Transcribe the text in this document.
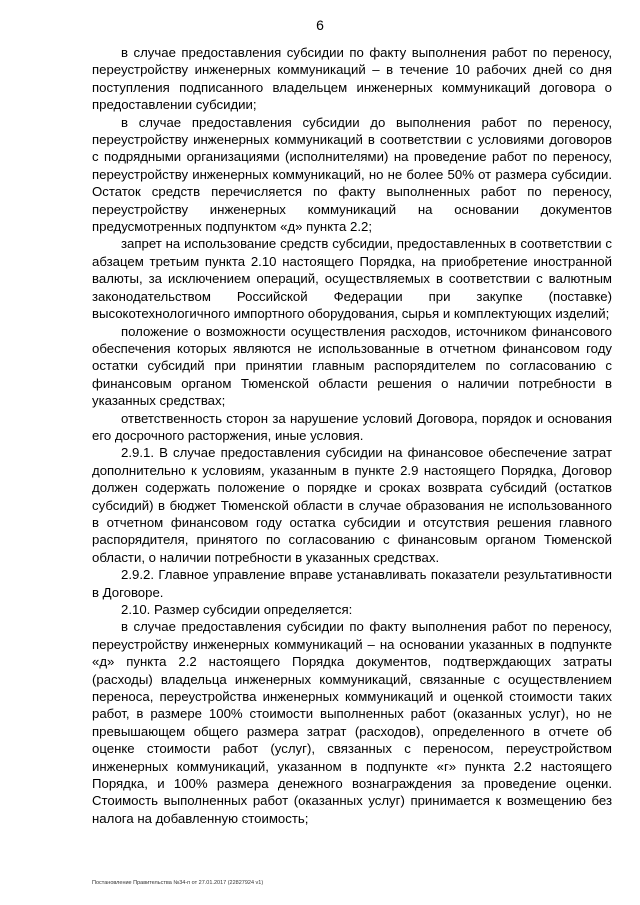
6

в случае предоставления субсидии по факту выполнения работ по переносу, переустройству инженерных коммуникаций – в течение 10 рабочих дней со дня поступления подписанного владельцем инженерных коммуникаций договора о предоставлении субсидии;

в случае предоставления субсидии до выполнения работ по переносу, переустройству инженерных коммуникаций в соответствии с условиями договоров с подрядными организациями (исполнителями) на проведение работ по переносу, переустройству инженерных коммуникаций, но не более 50% от размера субсидии. Остаток средств перечисляется по факту выполненных работ по переносу, переустройству инженерных коммуникаций на основании документов предусмотренных подпунктом «д» пункта 2.2;

запрет на использование средств субсидии, предоставленных в соответствии с абзацем третьим пункта 2.10 настоящего Порядка, на приобретение иностранной валюты, за исключением операций, осуществляемых в соответствии с валютным законодательством Российской Федерации при закупке (поставке) высокотехнологичного импортного оборудования, сырья и комплектующих изделий;

положение о возможности осуществления расходов, источником финансового обеспечения которых являются не использованные в отчетном финансовом году остатки субсидий при принятии главным распорядителем по согласованию с финансовым органом Тюменской области решения о наличии потребности в указанных средствах;

ответственность сторон за нарушение условий Договора, порядок и основания его досрочного расторжения, иные условия.

2.9.1. В случае предоставления субсидии на финансовое обеспечение затрат дополнительно к условиям, указанным в пункте 2.9 настоящего Порядка, Договор должен содержать положение о порядке и сроках возврата субсидий (остатков субсидий) в бюджет Тюменской области в случае образования не использованного в отчетном финансовом году остатка субсидии и отсутствия решения главного распорядителя, принятого по согласованию с финансовым органом Тюменской области, о наличии потребности в указанных средствах.

2.9.2. Главное управление вправе устанавливать показатели результативности в Договоре.

2.10. Размер субсидии определяется:

в случае предоставления субсидии по факту выполнения работ по переносу, переустройству инженерных коммуникаций – на основании указанных в подпункте «д» пункта 2.2 настоящего Порядка документов, подтверждающих затраты (расходы) владельца инженерных коммуникаций, связанные с осуществлением переноса, переустройства инженерных коммуникаций и оценкой стоимости таких работ, в размере 100% стоимости выполненных работ (оказанных услуг), но не превышающем общего размера затрат (расходов), определенного в отчете об оценке стоимости работ (услуг), связанных с переносом, переустройством инженерных коммуникаций, указанном в подпункте «г» пункта 2.2 настоящего Порядка, и 100% размера денежного вознаграждения за проведение оценки. Стоимость выполненных работ (оказанных услуг) принимается к возмещению без налога на добавленную стоимость;

Постановление Правительства №34-п от 27.01.2017 (22827924 v1)
